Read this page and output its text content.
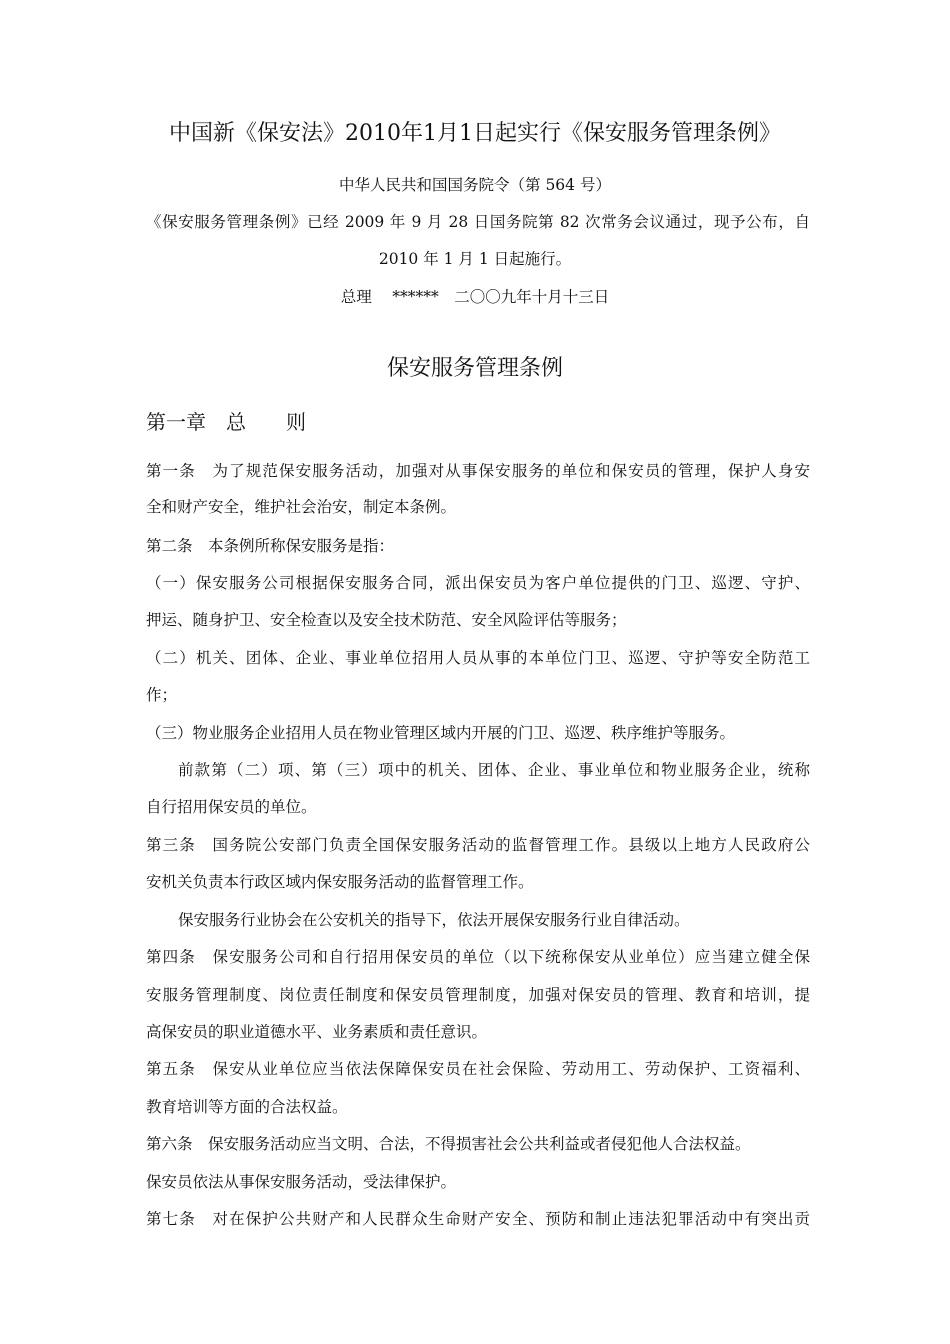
中国新《保安法》2010年1月1日起实行《保安服务管理条例》
中华人民共和国国务院令（第 564 号）
《保安服务管理条例》已经 2009 年 9 月 28 日国务院第 82 次常务会议通过，现予公布，自
2010 年 1 月 1 日起施行。
总理　 ******　二〇〇九年十月十三日
保安服务管理条例
第一章　总　　则
第一条　为了规范保安服务活动，加强对从事保安服务的单位和保安员的管理，保护人身安
全和财产安全，维护社会治安，制定本条例。
第二条　本条例所称保安服务是指：
（一）保安服务公司根据保安服务合同，派出保安员为客户单位提供的门卫、巡逻、守护、
押运、随身护卫、安全检查以及安全技术防范、安全风险评估等服务；
（二）机关、团体、企业、事业单位招用人员从事的本单位门卫、巡逻、守护等安全防范工
作；
（三）物业服务企业招用人员在物业管理区域内开展的门卫、巡逻、秩序维护等服务。
前款第（二）项、第（三）项中的机关、团体、企业、事业单位和物业服务企业，统称
自行招用保安员的单位。
第三条　国务院公安部门负责全国保安服务活动的监督管理工作。县级以上地方人民政府公
安机关负责本行政区域内保安服务活动的监督管理工作。
保安服务行业协会在公安机关的指导下，依法开展保安服务行业自律活动。
第四条　保安服务公司和自行招用保安员的单位（以下统称保安从业单位）应当建立健全保
安服务管理制度、岗位责任制度和保安员管理制度，加强对保安员的管理、教育和培训，提
高保安员的职业道德水平、业务素质和责任意识。
第五条　保安从业单位应当依法保障保安员在社会保险、劳动用工、劳动保护、工资福利、
教育培训等方面的合法权益。
第六条　保安服务活动应当文明、合法，不得损害社会公共利益或者侵犯他人合法权益。
保安员依法从事保安服务活动，受法律保护。
第七条　对在保护公共财产和人民群众生命财产安全、预防和制止违法犯罪活动中有突出贡
